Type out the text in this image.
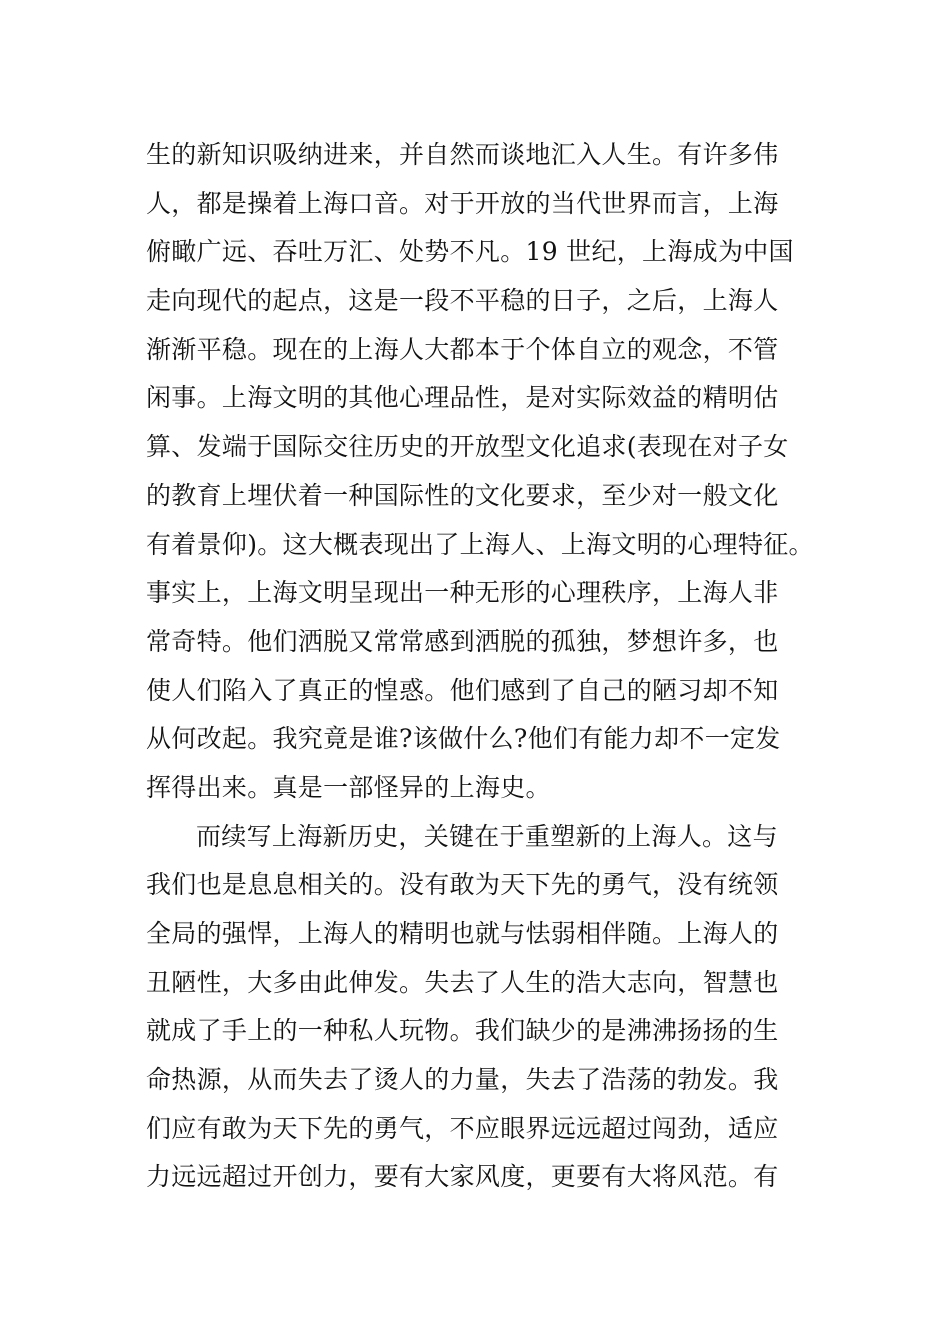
生的新知识吸纳进来，并自然而谈地汇入人生。有许多伟
人，都是操着上海口音。对于开放的当代世界而言，上海
俯瞰广远、吞吐万汇、处势不凡。19 世纪，上海成为中国
走向现代的起点，这是一段不平稳的日子，之后，上海人
渐渐平稳。现在的上海人大都本于个体自立的观念，不管
闲事。上海文明的其他心理品性，是对实际效益的精明估
算、发端于国际交往历史的开放型文化追求(表现在对子女
的教育上埋伏着一种国际性的文化要求，至少对一般文化
有着景仰)。这大概表现出了上海人、上海文明的心理特征。
事实上，上海文明呈现出一种无形的心理秩序，上海人非
常奇特。他们洒脱又常常感到洒脱的孤独，梦想许多，也
使人们陷入了真正的惶惑。他们感到了自己的陋习却不知
从何改起。我究竟是谁?该做什么?他们有能力却不一定发
挥得出来。真是一部怪异的上海史。
而续写上海新历史，关键在于重塑新的上海人。这与
我们也是息息相关的。没有敢为天下先的勇气，没有统领
全局的强悍，上海人的精明也就与怯弱相伴随。上海人的
丑陋性，大多由此伸发。失去了人生的浩大志向，智慧也
就成了手上的一种私人玩物。我们缺少的是沸沸扬扬的生
命热源，从而失去了烫人的力量，失去了浩荡的勃发。我
们应有敢为天下先的勇气，不应眼界远远超过闯劲，适应
力远远超过开创力，要有大家风度，更要有大将风范。有
